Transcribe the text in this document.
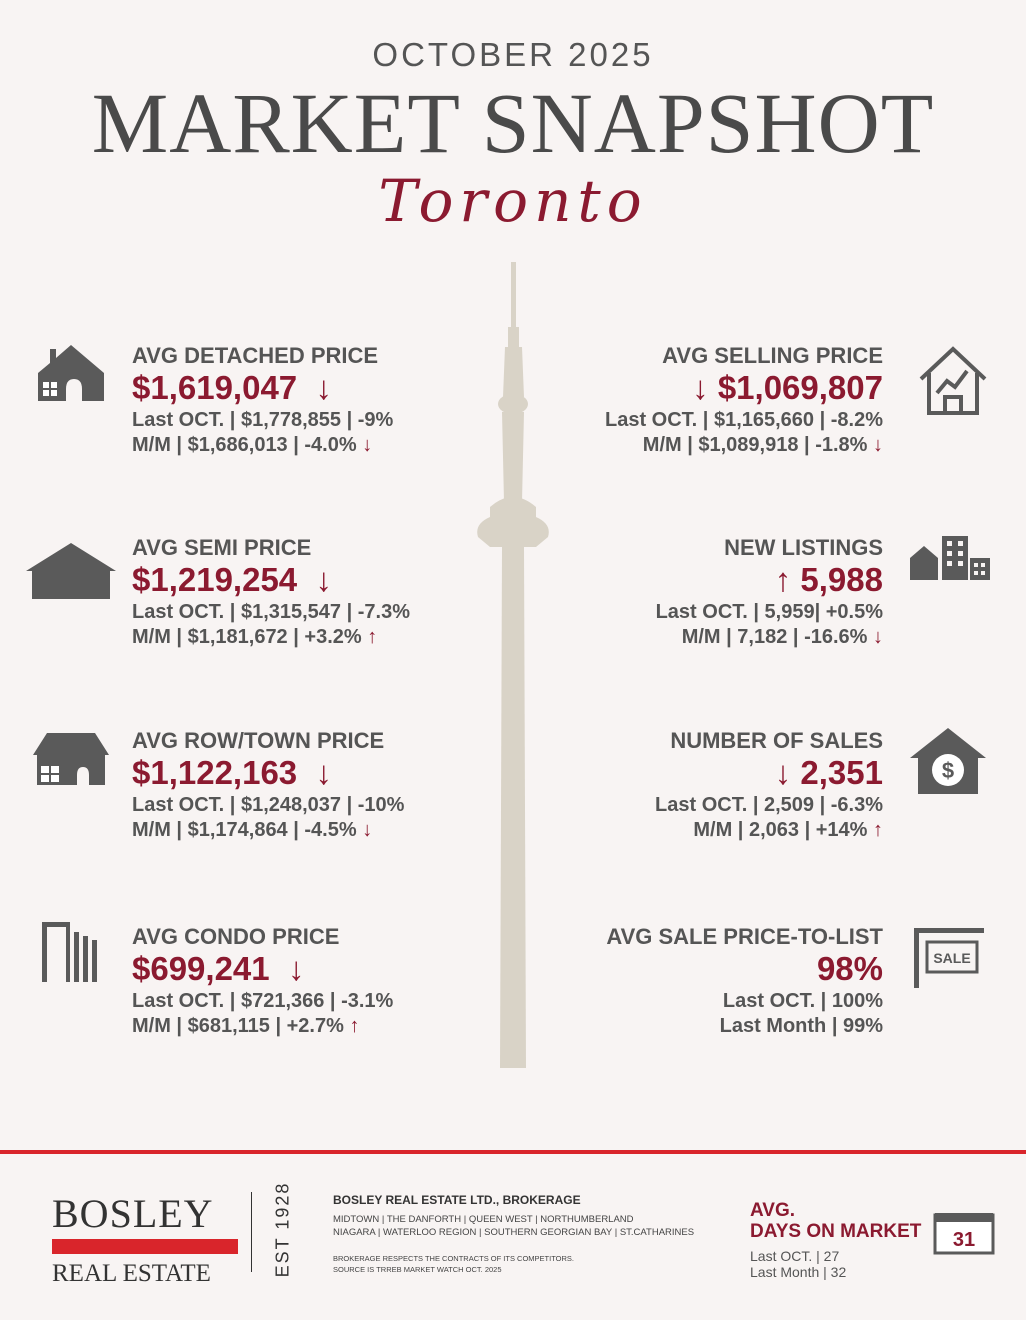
OCTOBER 2025
MARKET SNAPSHOT
Toronto
AVG DETACHED PRICE
$1,619,047 ↓
Last OCT. | $1,778,855 | -9%
M/M | $1,686,013 | -4.0% ↓
AVG SEMI PRICE
$1,219,254 ↓
Last OCT. | $1,315,547 | -7.3%
M/M | $1,181,672 | +3.2% ↑
AVG ROW/TOWN PRICE
$1,122,163 ↓
Last OCT. | $1,248,037 | -10%
M/M | $1,174,864 | -4.5% ↓
AVG CONDO PRICE
$699,241 ↓
Last OCT. | $721,366 | -3.1%
M/M | $681,115 | +2.7% ↑
AVG SELLING PRICE
↓ $1,069,807
Last OCT. | $1,165,660 | -8.2%
M/M | $1,089,918 | -1.8% ↓
NEW LISTINGS
↑ 5,988
Last OCT. | 5,959| +0.5%
M/M | 7,182 | -16.6% ↓
NUMBER OF SALES
↓ 2,351
Last OCT. | 2,509 | -6.3%
M/M | 2,063 | +14% ↑
AVG SALE PRICE-TO-LIST
98%
Last OCT. | 100%
Last Month | 99%
$
SALE
BOSLEY
REAL ESTATE	EST 1928	BOSLEY REAL ESTATE LTD., BROKERAGE
MIDTOWN | THE DANFORTH | QUEEN WEST | NORTHUMBERLAND
NIAGARA | WATERLOO REGION | SOUTHERN GEORGIAN BAY | ST.CATHARINES
BROKERAGE RESPECTS THE CONTRACTS OF ITS COMPETITORS.
SOURCE IS TRREB MARKET WATCH OCT. 2025
AVG.
DAYS ON MARKET
Last OCT. | 27
Last Month | 32
31
